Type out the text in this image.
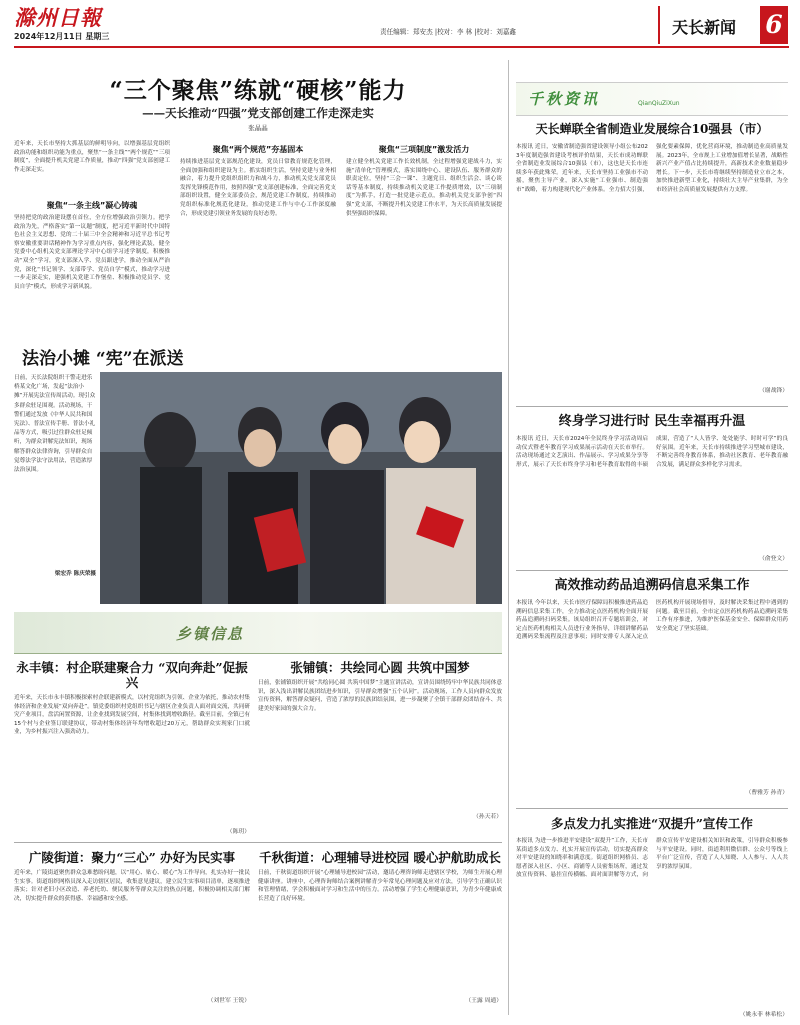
滁州日報
2024年12月11日 星期三	责任编辑：郑安杰 |校对：李 林 |校对：刘嘉鑫	天长新闻 6
“三个聚焦”练就“硬核”能力
——天长推动“四强”党支部创建工作走深走实
张晶晶
近年来，天长市坚持大抓基层的鲜明导向，以增强基层党组织政治功能和组织功能为重点，聚焦“一条主线”“两个规范”“三项制度”，全面提升机关党建工作质量，推动“四强”党支部创建工作走深走实。
聚焦“一条主线”凝心铸魂
坚持把党的政治建设摆在首位，全方位增强政治引领力。把学政治为先，严格落实“第一议题”制度，把习近平新时代中国特色社会主义思想、党的二十届三中全会精神和习近平总书记考察安徽重要讲话精神作为学习重点内容，强化理论武装，健全党委中心组机关党支部理论学习中心组学习述学制度，积极推动“双全”学习，党支部深入学、党员跟进学，推动全面从严治党，深化“书记领学、支部带学、党员自学”模式，推动学习进一步走深走实，建强机关党建工作堡垒、积极推动党员学、党员自学”模式，形成学习新风貌。
聚焦“两个规范”夯基固本
持续推进基层党支部规范化建设，党员日常教育规范化管理，全面加强和组织建设为主。抓实组织生活，坚持党建与业务相融合，着力提升党组织组织力和战斗力，推动机关党支部党员发挥先锋模范作用，按照四强”党支部创建标准，全面完善党支部组织设置，健全支部委员会，规范党建工作制度，持续推动党组织标准化规范化建设，推动党建工作与中心工作深度融合，形成党建引领业务发展的良好态势。
聚焦“三项制度”激发活力
建立健全机关党建工作长效机制，全过程增强党建战斗力，实施“清单化”管理模式，落实围绕中心、建设队伍、服务群众的职责定位，坚持“三会一课”、主题党日、组织生活会、谈心谈话等基本制度，持续推动机关党建工作提质增效，以“三项制度”为抓手，打造一批党建示范点，推动机关党支部争创“四强”党支部，不断提升机关党建工作水平，为天长高质量发展提供坚强组织保障。
法治小摊 “宪”在派送
日前，天长法院组织干警走进乐桥某文化广场，发起“法治小摊”开展宪法宣传周活动。现引众多群众驻足围观。活动现场，干警们通过发放《中华人民共和国宪法》、普法宣传手册、普法小礼品等方式，吸引过往群众驻足倾听，为群众讲解宪法知识，现场解答群众法律咨询，引导群众自觉尊法学法守法用法，营造浓厚法治氛围。
梁宏乔 陈庆荣摄
乡镇信息
永丰镇：村企联建聚合力 “双向奔赴”促振兴
近年来，天长市永丰镇积极探索村企联建新模式，以村党组织为引领、企业为依托，推动农村集体经济和企业发展“双向奔赴”。镇党委组织村党组织书记与辖区企业负责人面对面交流，共同研究产业项目，盘活闲置资源，让企业找到发展空间，村集体找到增收路径。截至目前，全镇已有15个村与企业签订联建协议，带动村集体经济年均增收超过20万元，帮助群众实现家门口就业，为乡村振兴注入强劲动力。
（陈玥）
张铺镇：共绘同心圆 共筑中国梦
日前，张铺镇组织开展“共绘同心圆 共筑中国梦”主题宣讲活动，宣讲员围绕铸牢中华民族共同体意识，深入浅出讲解民族团结进步知识，引导群众增强“五个认同”。活动现场，工作人员向群众发放宣传资料，解答群众疑问，营造了浓厚的民族团结氛围，进一步凝聚了全镇干部群众团结奋斗、共建美好家园的强大合力。
（孙天若）
广陵街道：聚力“三心” 办好为民实事
近年来，广陵街道聚焦群众急难愁盼问题，以“用心、贴心、暖心”为工作导向，扎实办好一批民生实事。街道组织网格员深入走访辖区居民，收集意见建议，建立民生实事项目清单，逐项推进落实；针对老旧小区改造、养老托幼、便民服务等群众关注的热点问题，积极协调相关部门解决，切实提升群众的获得感、幸福感和安全感。
（刘世军 王锐）
千秋街道：心理辅导进校园 暖心护航助成长
日前，千秋街道组织开展“心理辅导进校园”活动，邀请心理咨询师走进辖区学校，为师生开展心理健康讲座。讲座中，心理咨询师结合案例讲解青少年常见心理问题及应对方法，引导学生正确认识和管理情绪，学会积极面对学习和生活中的压力。活动增强了学生心理健康意识，为青少年健康成长营造了良好环境。
（王露 周通）
千秋资讯	QianQiuZiXun
天长蝉联全省制造业发展综合10强县（市）
本报讯 近日，安徽省制造强省建设领导小组公布2023年度制造强省建设考核评价结果，天长市成功蝉联全省制造业发展综合10强县（市），这也是天长市连续多年获此殊荣。近年来，天长市坚持工业强市不动摇，聚焦主导产业，深入实施“工业强市、制造强市”战略，着力构建现代化产业体系。全力招大引强，强化要素保障，优化营商环境，推动制造业高质量发展。2023年，全市规上工业增加值增长显著，战略性新兴产业产值占比持续提升，高新技术企业数量稳步增长。下一步，天长市将继续坚持制造业立市之本，加快推进新型工业化，持续壮大主导产业集群，为全市经济社会高质量发展提供有力支撑。
（谢战锋）
终身学习进行时 民生幸福再升温
本报讯 近日，天长市2024年全民终身学习活动周启动仪式暨老年教育学习成果展示活动在天长市举行。活动现场通过文艺演出、作品展示、学习成果分享等形式，展示了天长市终身学习和老年教育取得的丰硕成果，营造了“人人皆学、处处能学、时时可学”的良好氛围。近年来，天长市持续推进学习型城市建设，不断完善终身教育体系，推动社区教育、老年教育融合发展，满足群众多样化学习需求。
（俞登文）
高效推动药品追溯码信息采集工作
本报讯 今年以来，天长市医疗保障局积极推进药品追溯码信息采集工作，全力推动定点医药机构全面开展药品追溯码扫码采集。该局组织召开专题培训会，对定点医药机构相关人员进行业务指导，详细讲解药品追溯码采集流程及注意事项；同时安排专人深入定点医药机构开展现场督导，及时解决采集过程中遇到的问题。截至目前，全市定点医药机构药品追溯码采集工作有序推进，为维护医保基金安全、保障群众用药安全奠定了坚实基础。
（曹雅芳 孙青）
多点发力扎实推进“双提升”宣传工作
本报讯 为进一步推进平安建设“双提升”工作，天长市某街道多点发力、扎实开展宣传活动，切实提高群众对平安建设的知晓率和满意度。街道组织网格员、志愿者深入社区、小区、商铺等人员密集场所，通过发放宣传资料、悬挂宣传横幅、面对面讲解等方式，向群众宣传平安建设相关知识和政策，引导群众积极参与平安建设。同时，街道利用微信群、公众号等线上平台广泛宣传，营造了人人知晓、人人参与、人人共享的浓厚氛围。
（姚永菲 林希松）
